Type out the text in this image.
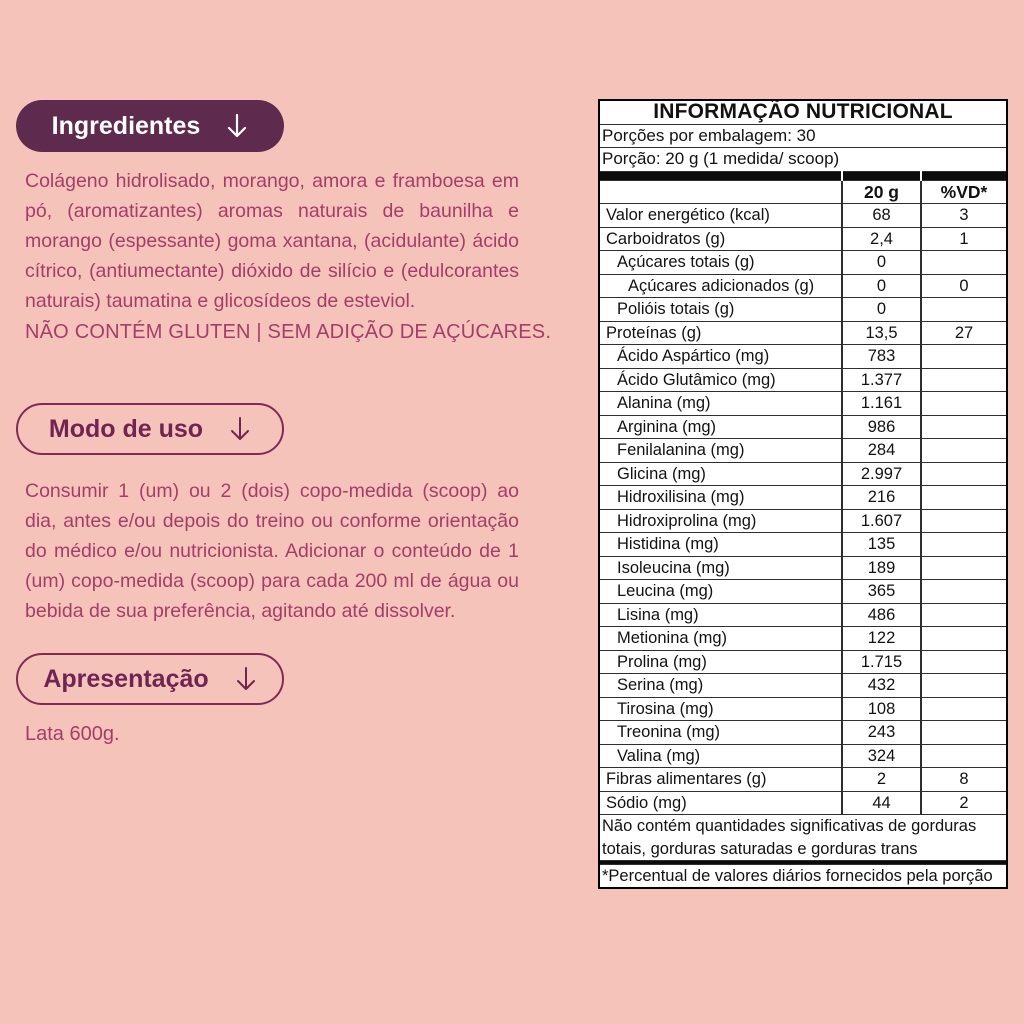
Ingredientes

Colágeno hidrolisado, morango, amora e framboesa em pó, (aromatizantes) aromas naturais de baunilha e morango (espessante) goma xantana, (acidulante) ácido cítrico, (antiumectante) dióxido de silício e (edulcorantes naturais) taumatina e glicosídeos de esteviol.

NÃO CONTÉM GLUTEN | SEM ADIÇÃO DE AÇÚCARES.

Modo de uso

Consumir 1 (um) ou 2 (dois) copo-medida (scoop) ao dia, antes e/ou depois do treino ou conforme orientação do médico e/ou nutricionista. Adicionar o conteúdo de 1 (um) copo-medida (scoop) para cada 200 ml de água ou bebida de sua preferência, agitando até dissolver.

Apresentação

Lata 600g.

INFORMAÇÃO NUTRICIONAL		
Porções por embalagem: 30		
Porção: 20 g (1 medida/ scoop)		

	20 g	%VD*
Valor energético (kcal)	68	3
Carboidratos (g)	2,4	1
Açúcares totais (g)	0	
Açúcares adicionados (g)	0	0
Polióis totais (g)	0	
Proteínas (g)	13,5	27
Ácido Aspártico (mg)	783	
Ácido Glutâmico (mg)	1.377	
Alanina (mg)	1.161	
Arginina (mg)	986	
Fenilalanina (mg)	284	
Glicina (mg)	2.997	
Hidroxilisina (mg)	216	
Hidroxiprolina (mg)	1.607	
Histidina (mg)	135	
Isoleucina (mg)	189	
Leucina (mg)	365	
Lisina (mg)	486	
Metionina (mg)	122	
Prolina (mg)	1.715	
Serina (mg)	432	
Tirosina (mg)	108	
Treonina (mg)	243	
Valina (mg)	324	
Fibras alimentares (g)	2	8
Sódio (mg)	44	2
Não contém quantidades significativas de gorduras totais, gorduras saturadas e gorduras trans		

*Percentual de valores diários fornecidos pela porção		
